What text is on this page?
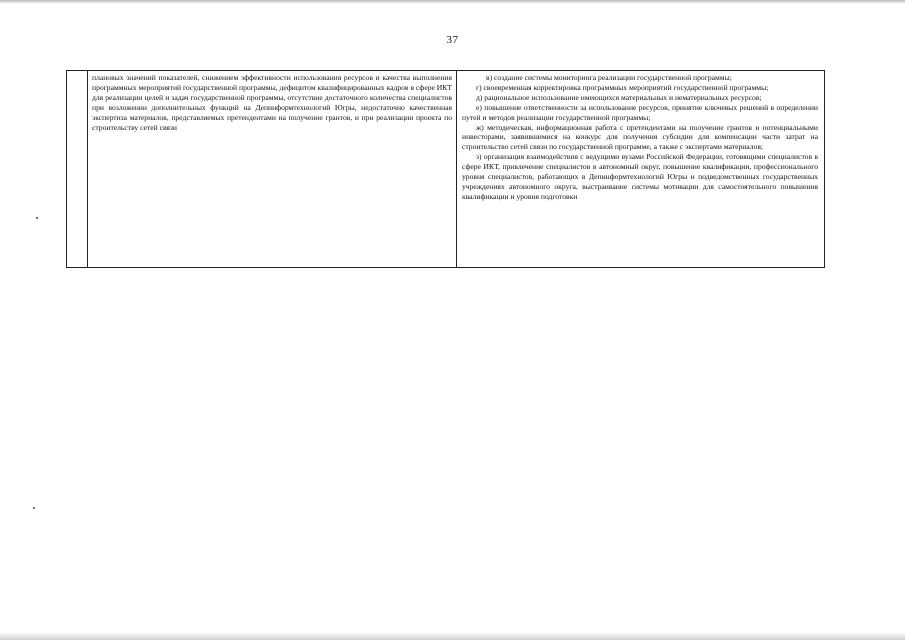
37

плановых значений показателей, снижением эффективности использования ресурсов и качества выполнения программных мероприятий государственной программы, дефицитом квалифицированных кадров в сфере ИКТ для реализации целей и задач государственной программы, отсутствие достаточного количества специалистов при возложении дополнительных функций на Депинформтехнологий Югры, недостаточно качественная экспертиза материалов, представляемых претендентами на получение грантов, и при реализации проекта по строительству сетей связи

в) создание системы мониторинга реализации государственной программы;
г) своевременная корректировка программных мероприятий государственной программы;
д) рациональное использование имеющихся материальных и нематериальных ресурсов;
е) повышение ответственности за использование ресурсов, принятие ключевых решений в определении путей и методов реализации государственной программы;
ж) методическая, информационная работа с претендентами на получение грантов и потенциальными инвесторами, заявившимися на конкурс для получения субсидии для компенсации части затрат на строительство сетей связи по государственной программе, а также с экспертами материалов;
з) организация взаимодействия с ведущими вузами Российской Федерации, готовящими специалистов в сфере ИКТ, привлечение специалистов в автономный округ, повышение квалификации, профессионального уровня специалистов, работающих в Депинформтехнологий Югры и подведомственных государственных учреждениях автономного округа, выстраивание системы мотивации для самостоятельного повышения квалификации и уровня подготовки
